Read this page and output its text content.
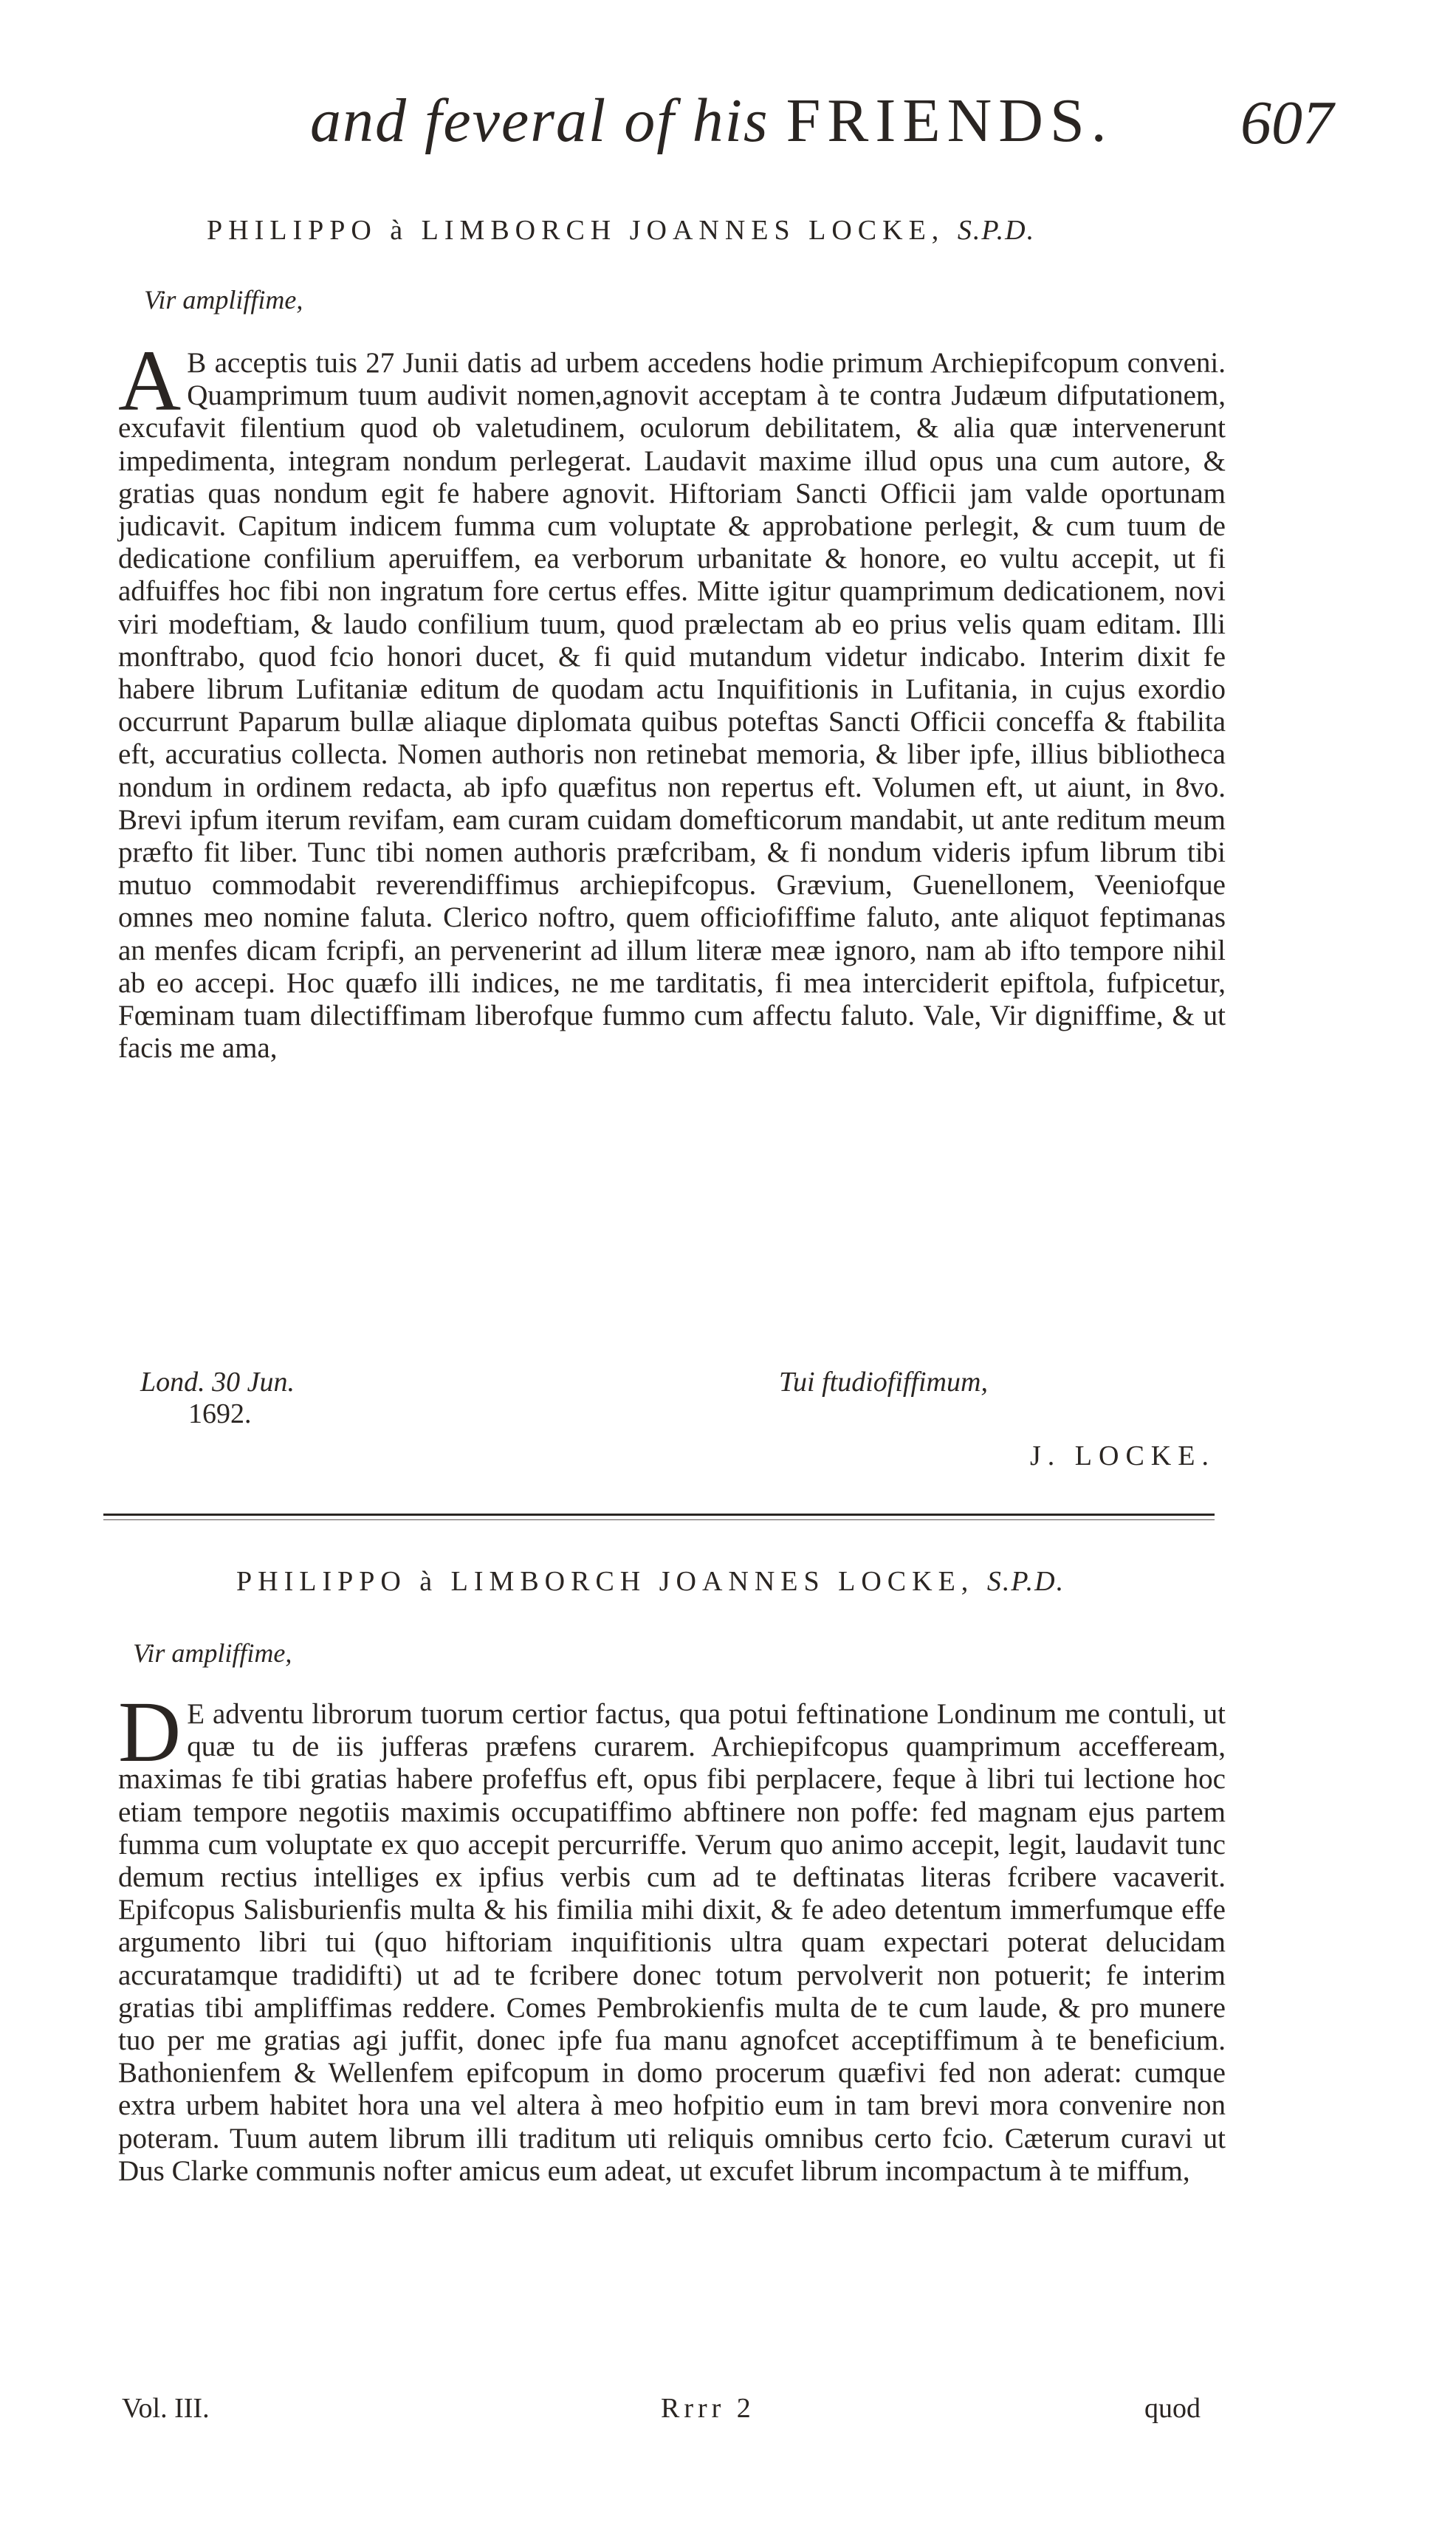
and feveral of his FRIENDS. 607
PHILIPPO à LIMBORCH JOANNES LOCKE, S.P.D.
Vir ampliffime,

A B acceptis tuis 27 Junii datis ad urbem accedens hodie primum Archiepifcopum conveni. Quamprimum tuum audivit nomen,agnovit acceptam à te contra Judæum difputationem, excufavit filentium quod ob valetudinem, oculorum debilitatem, & alia quæ intervenerunt impedimenta, integram nondum perlegerat. Laudavit maxime illud opus una cum autore, & gratias quas nondum egit fe habere agnovit. Hiftoriam Sancti Officii jam valde oportunam judicavit. Capitum indicem fumma cum voluptate & approbatione perlegit, & cum tuum de dedicatione confilium aperuiffem, ea verborum urbanitate & honore, eo vultu accepit, ut fi adfuiffes hoc fibi non ingratum fore certus effes. Mitte igitur quamprimum dedicationem, novi viri modeftiam, & laudo confilium tuum, quod prælectam ab eo prius velis quam editam. Illi monftrabo, quod fcio honori ducet, & fi quid mutandum videtur indicabo. Interim dixit fe habere librum Lufitaniæ editum de quodam actu Inquifitionis in Lufitania, in cujus exordio occurrunt Paparum bullæ aliaque diplomata quibus poteftas Sancti Officii conceffa & ftabilita eft, accuratius collecta. Nomen authoris non retinebat memoria, & liber ipfe, illius bibliotheca nondum in ordinem redacta, ab ipfo quæfitus non repertus eft. Volumen eft, ut aiunt, in 8vo. Brevi ipfum iterum revifam, eam curam cuidam domefticorum mandabit, ut ante reditum meum præfto fit liber. Tunc tibi nomen authoris præfcribam, & fi nondum videris ipfum librum tibi mutuo commodabit reverendiffimus archiepifcopus. Grævium, Guenellonem, Veeniofque omnes meo nomine faluta. Clerico noftro, quem officiofiffime faluto, ante aliquot feptimanas an menfes dicam fcripfi, an pervenerint ad illum literæ meæ ignoro, nam ab ifto tempore nihil ab eo accepi. Hoc quæfo illi indices, ne me tarditatis, fi mea interciderit epiftola, fufpicetur, Fœminam tuam dilectiffimam liberofque fummo cum affectu faluto. Vale, Vir digniffime, & ut facis me ama,

Lond. 30 Jun.
1692.
Tui ftudiofiffimum,
J. LOCKE.
PHILIPPO à LIMBORCH JOANNES LOCKE, S.P.D.
Vir ampliffime,

D E adventu librorum tuorum certior factus, qua potui feftinatione Londinum me contuli, ut quæ tu de iis jufferas præfens curarem. Archiepifcopus quamprimum acceffeream, maximas fe tibi gratias habere profeffus eft, opus fibi perplacere, feque à libri tui lectione hoc etiam tempore negotiis maximis occupatiffimo abftinere non poffe: fed magnam ejus partem fumma cum voluptate ex quo accepit percurriffe. Verum quo animo accepit, legit, laudavit tunc demum rectius intelliges ex ipfius verbis cum ad te deftinatas literas fcribere vacaverit. Epifcopus Salisburienfis multa & his fimilia mihi dixit, & fe adeo detentum immerfumque effe argumento libri tui (quo hiftoriam inquifitionis ultra quam expectari poterat delucidam accuratamque tradidifti) ut ad te fcribere donec totum pervolverit non potuerit; fe interim gratias tibi ampliffimas reddere. Comes Pembrokienfis multa de te cum laude, & pro munere tuo per me gratias agi juffit, donec ipfe fua manu agnofcet acceptiffimum à te beneficium. Bathonienfem & Wellenfem epifcopum in domo procerum quæfivi fed non aderat: cumque extra urbem habitet hora una vel altera à meo hofpitio eum in tam brevi mora convenire non poteram. Tuum autem librum illi traditum uti reliquis omnibus certo fcio. Cæterum curavi ut Dus Clarke communis nofter amicus eum adeat, ut excufet librum incompactum à te miffum,

Vol. III.	Rrrr 2	quod
